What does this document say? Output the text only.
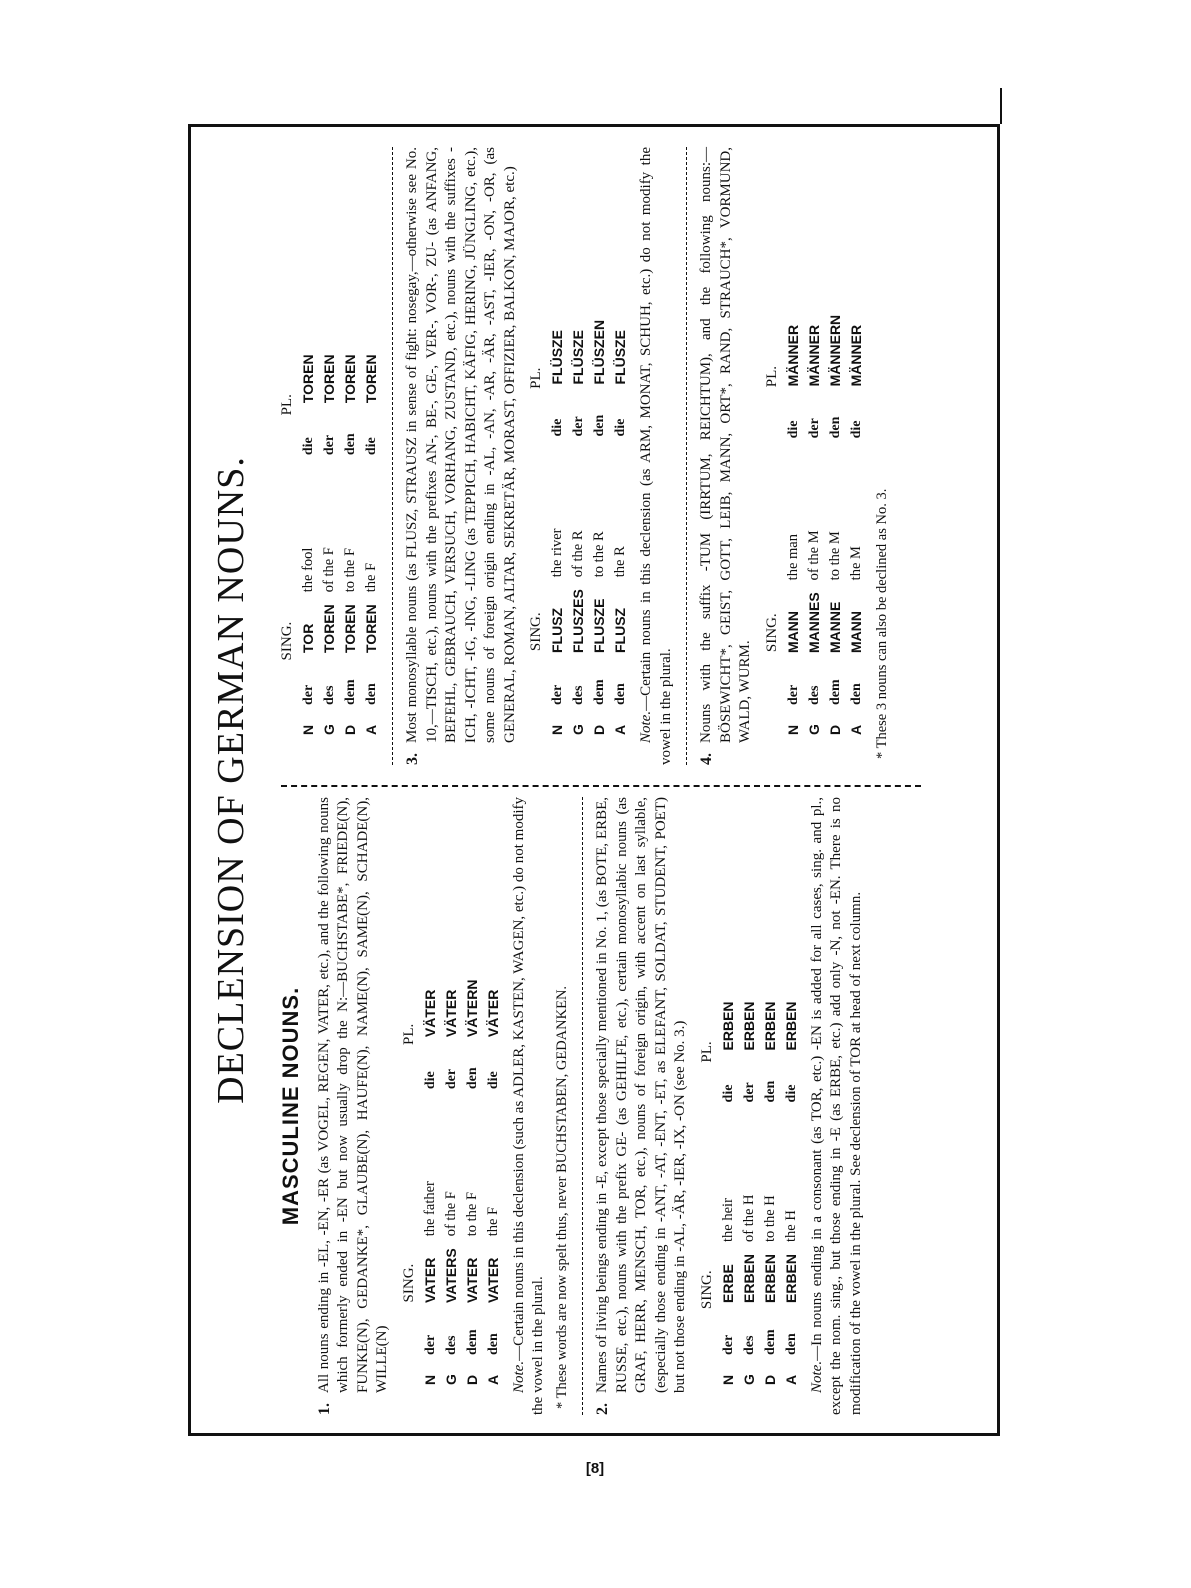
DECLENSION OF GERMAN NOUNS.
MASCULINE NOUNS.
1.
All nouns ending in -EL, -EN, -ER (as VOGEL, REGEN, VATER, etc.), and the following nouns which formerly ended in -EN but now usually drop the N:—BUCHSTABE*, FRIEDE(N), FUNKE(N), GEDANKE*, GLAUBE(N), HAUFE(N), NAME(N), SAME(N), SCHADE(N), WILLE(N)
SING.					PL.	
N	der	VATER	the father		die	VÄTER
G	des	VATERS	of the F		der	VÄTER
D	dem	VATER	to the F		den	VÄTERN
A	den	VATER	the F		die	VÄTER
Note.—Certain nouns in this declension (such as ADLER, KASTEN, WAGEN, etc.) do not modify the vowel in the plural. * These words are now spelt thus, never BUCHSTABEN, GEDANKEN. 2.
Names of living beings ending in -E, except those specially mentioned in No. 1, (as BOTE, ERBE, RUSSE, etc.), nouns with the prefix GE- (as GEHILFE, etc.), certain monosyllabic nouns (as GRAF, HERR, MENSCH, TOR, etc.), nouns of foreign origin, with accent on last syllable, (especially those ending in -ANT, -AT, -ENT, -ET, as ELEFANT, SOLDAT, STUDENT, POET) but not those ending in -AL, -ÄR, -IER, -IX, -ON (see No. 3.) SING.					PL.	
N	der	ERBE	the heir		die	ERBEN
G	des	ERBEN	of the H		der	ERBEN
D	dem	ERBEN	to the H		den	ERBEN
A	den	ERBEN	the H		die	ERBEN
Note.—In nouns ending in a consonant (as TOR, etc.) -EN is added for all cases, sing. and pl., except the nom. sing., but those ending in -E (as ERBE, etc.) add only -N, not -EN. There is no modification of the vowel in the plural. See declension of TOR at head of next column.
SING.					PL.	
N	der	TOR	the fool		die	TOREN
G	des	TOREN	of the F		der	TOREN
D	dem	TOREN	to the F		den	TOREN
A	den	TOREN	the F		die	TOREN
3.
Most monosyllable nouns (as FLUSZ, STRAUSZ in sense of fight: nosegay,—otherwise see No. 10,—TISCH, etc.), nouns with the prefixes AN-, BE-, GE-, VER-, VOR-, ZU- (as ANFANG, BEFEHL, GEBRAUCH, VERSUCH, VORHANG, ZUSTAND, etc.), nouns with the suffixes -ICH, -ICHT, -IG, -ING, -LING (as TEPPICH, HABICHT, KÄFIG, HERING, JÜNGLING, etc.), some nouns of foreign origin ending in -AL, -AN, -AR, -ÄR, -AST, -IER, -ON, -OR, (as GENERAL, ROMAN, ALTAR, SEKRETÄR, MORAST, OFFIZIER, BALKON, MAJOR, etc.) SING.					PL.	
N	der	FLUSZ	the river		die	FLÜSZE
G	des	FLUSZES	of the R		der	FLÜSZE
D	dem	FLUSZE	to the R		den	FLÜSZEN
A	den	FLUSZ	the R		die	FLÜSZE
Note.—Certain nouns in this declension (as ARM, MONAT, SCHUH, etc.) do not modify the vowel in the plural. 4.
Nouns with the suffix -TUM (IRRTUM, REICHTUM), and the following nouns:—BÖSEWICHT*, GEIST, GOTT, LEIB, MANN, ORT*, RAND, STRAUCH*, VORMUND, WALD, WURM.
SING.					PL.	
N	der	MANN	the man		die	MÄNNER
G	des	MANNES	of the M		der	MÄNNER
D	dem	MANNE	to the M		den	MÄNNERN
A	den	MANN	the M		die	MÄNNER
* These 3 nouns can also be declined as No. 3.
[8]
